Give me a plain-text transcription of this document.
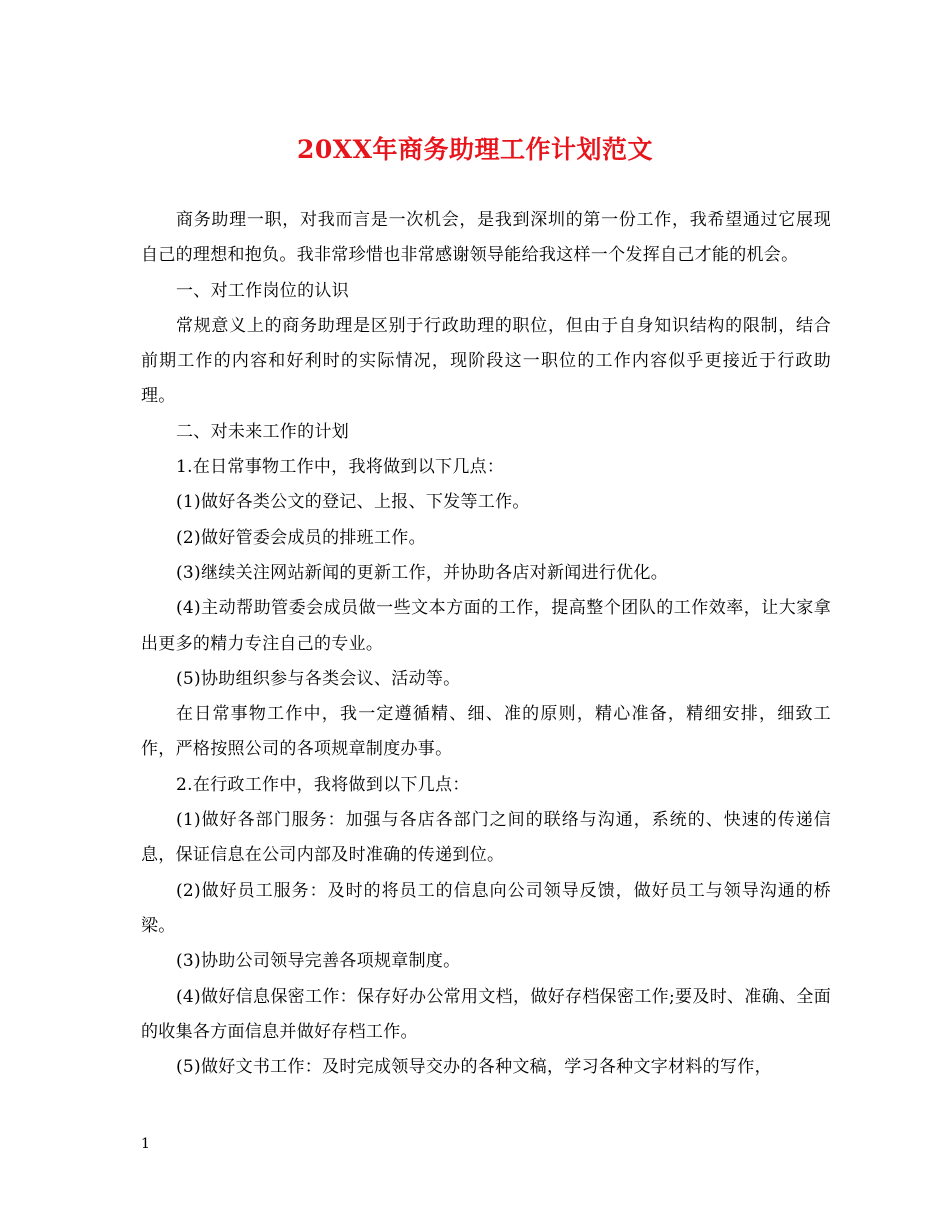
20XX年商务助理工作计划范文

商务助理一职，对我而言是一次机会，是我到深圳的第一份工作，我希望通过它展现自己的理想和抱负。我非常珍惜也非常感谢领导能给我这样一个发挥自己才能的机会。

一、对工作岗位的认识

常规意义上的商务助理是区别于行政助理的职位，但由于自身知识结构的限制，结合前期工作的内容和好利时的实际情况，现阶段这一职位的工作内容似乎更接近于行政助理。

二、对未来工作的计划

1.在日常事物工作中，我将做到以下几点：

(1)做好各类公文的登记、上报、下发等工作。

(2)做好管委会成员的排班工作。

(3)继续关注网站新闻的更新工作，并协助各店对新闻进行优化。

(4)主动帮助管委会成员做一些文本方面的工作，提高整个团队的工作效率，让大家拿出更多的精力专注自己的专业。

(5)协助组织参与各类会议、活动等。

在日常事物工作中，我一定遵循精、细、准的原则，精心准备，精细安排，细致工作，严格按照公司的各项规章制度办事。

2.在行政工作中，我将做到以下几点：

(1)做好各部门服务：加强与各店各部门之间的联络与沟通，系统的、快速的传递信息，保证信息在公司内部及时准确的传递到位。

(2)做好员工服务：及时的将员工的信息向公司领导反馈，做好员工与领导沟通的桥梁。

(3)协助公司领导完善各项规章制度。

(4)做好信息保密工作：保存好办公常用文档，做好存档保密工作;要及时、准确、全面的收集各方面信息并做好存档工作。

(5)做好文书工作：及时完成领导交办的各种文稿，学习各种文字材料的写作，

1
